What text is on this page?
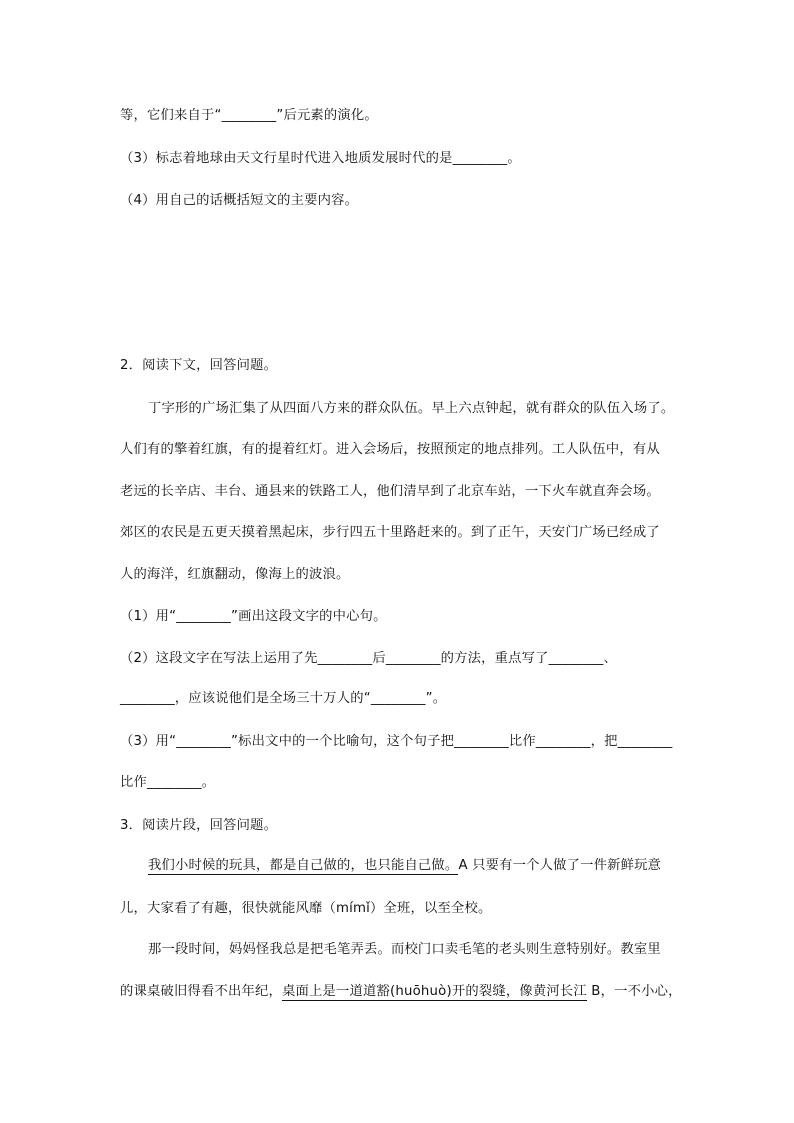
等，它们来自于“________”后元素的演化。
（3）标志着地球由天文行星时代进入地质发展时代的是________。
（4）用自己的话概括短文的主要内容。
2．阅读下文，回答问题。
丁字形的广场汇集了从四面八方来的群众队伍。早上六点钟起，就有群众的队伍入场了。
人们有的擎着红旗，有的提着红灯。进入会场后，按照预定的地点排列。工人队伍中，有从
老远的长辛店、丰台、通县来的铁路工人，他们清早到了北京车站，一下火车就直奔会场。
郊区的农民是五更天摸着黑起床，步行四五十里路赶来的。到了正午，天安门广场已经成了
人的海洋，红旗翻动，像海上的波浪。
（1）用“________”画出这段文字的中心句。
（2）这段文字在写法上运用了先________后________的方法，重点写了________、
________，应该说他们是全场三十万人的“________”。
（3）用“________”标出文中的一个比喻句，这个句子把________比作________，把________
比作________。
3．阅读片段，回答问题。
我们小时候的玩具，都是自己做的，也只能自己做。A 只要有一个人做了一件新鲜玩意
儿，大家看了有趣，很快就能风靡（mímǐ）全班，以至全校。
那一段时间，妈妈怪我总是把毛笔弄丢。而校门口卖毛笔的老头则生意特别好。教室里
的课桌破旧得看不出年纪，桌面上是一道道豁(huōhuò)开的裂缝，像黄河长江 B，一不小心，
